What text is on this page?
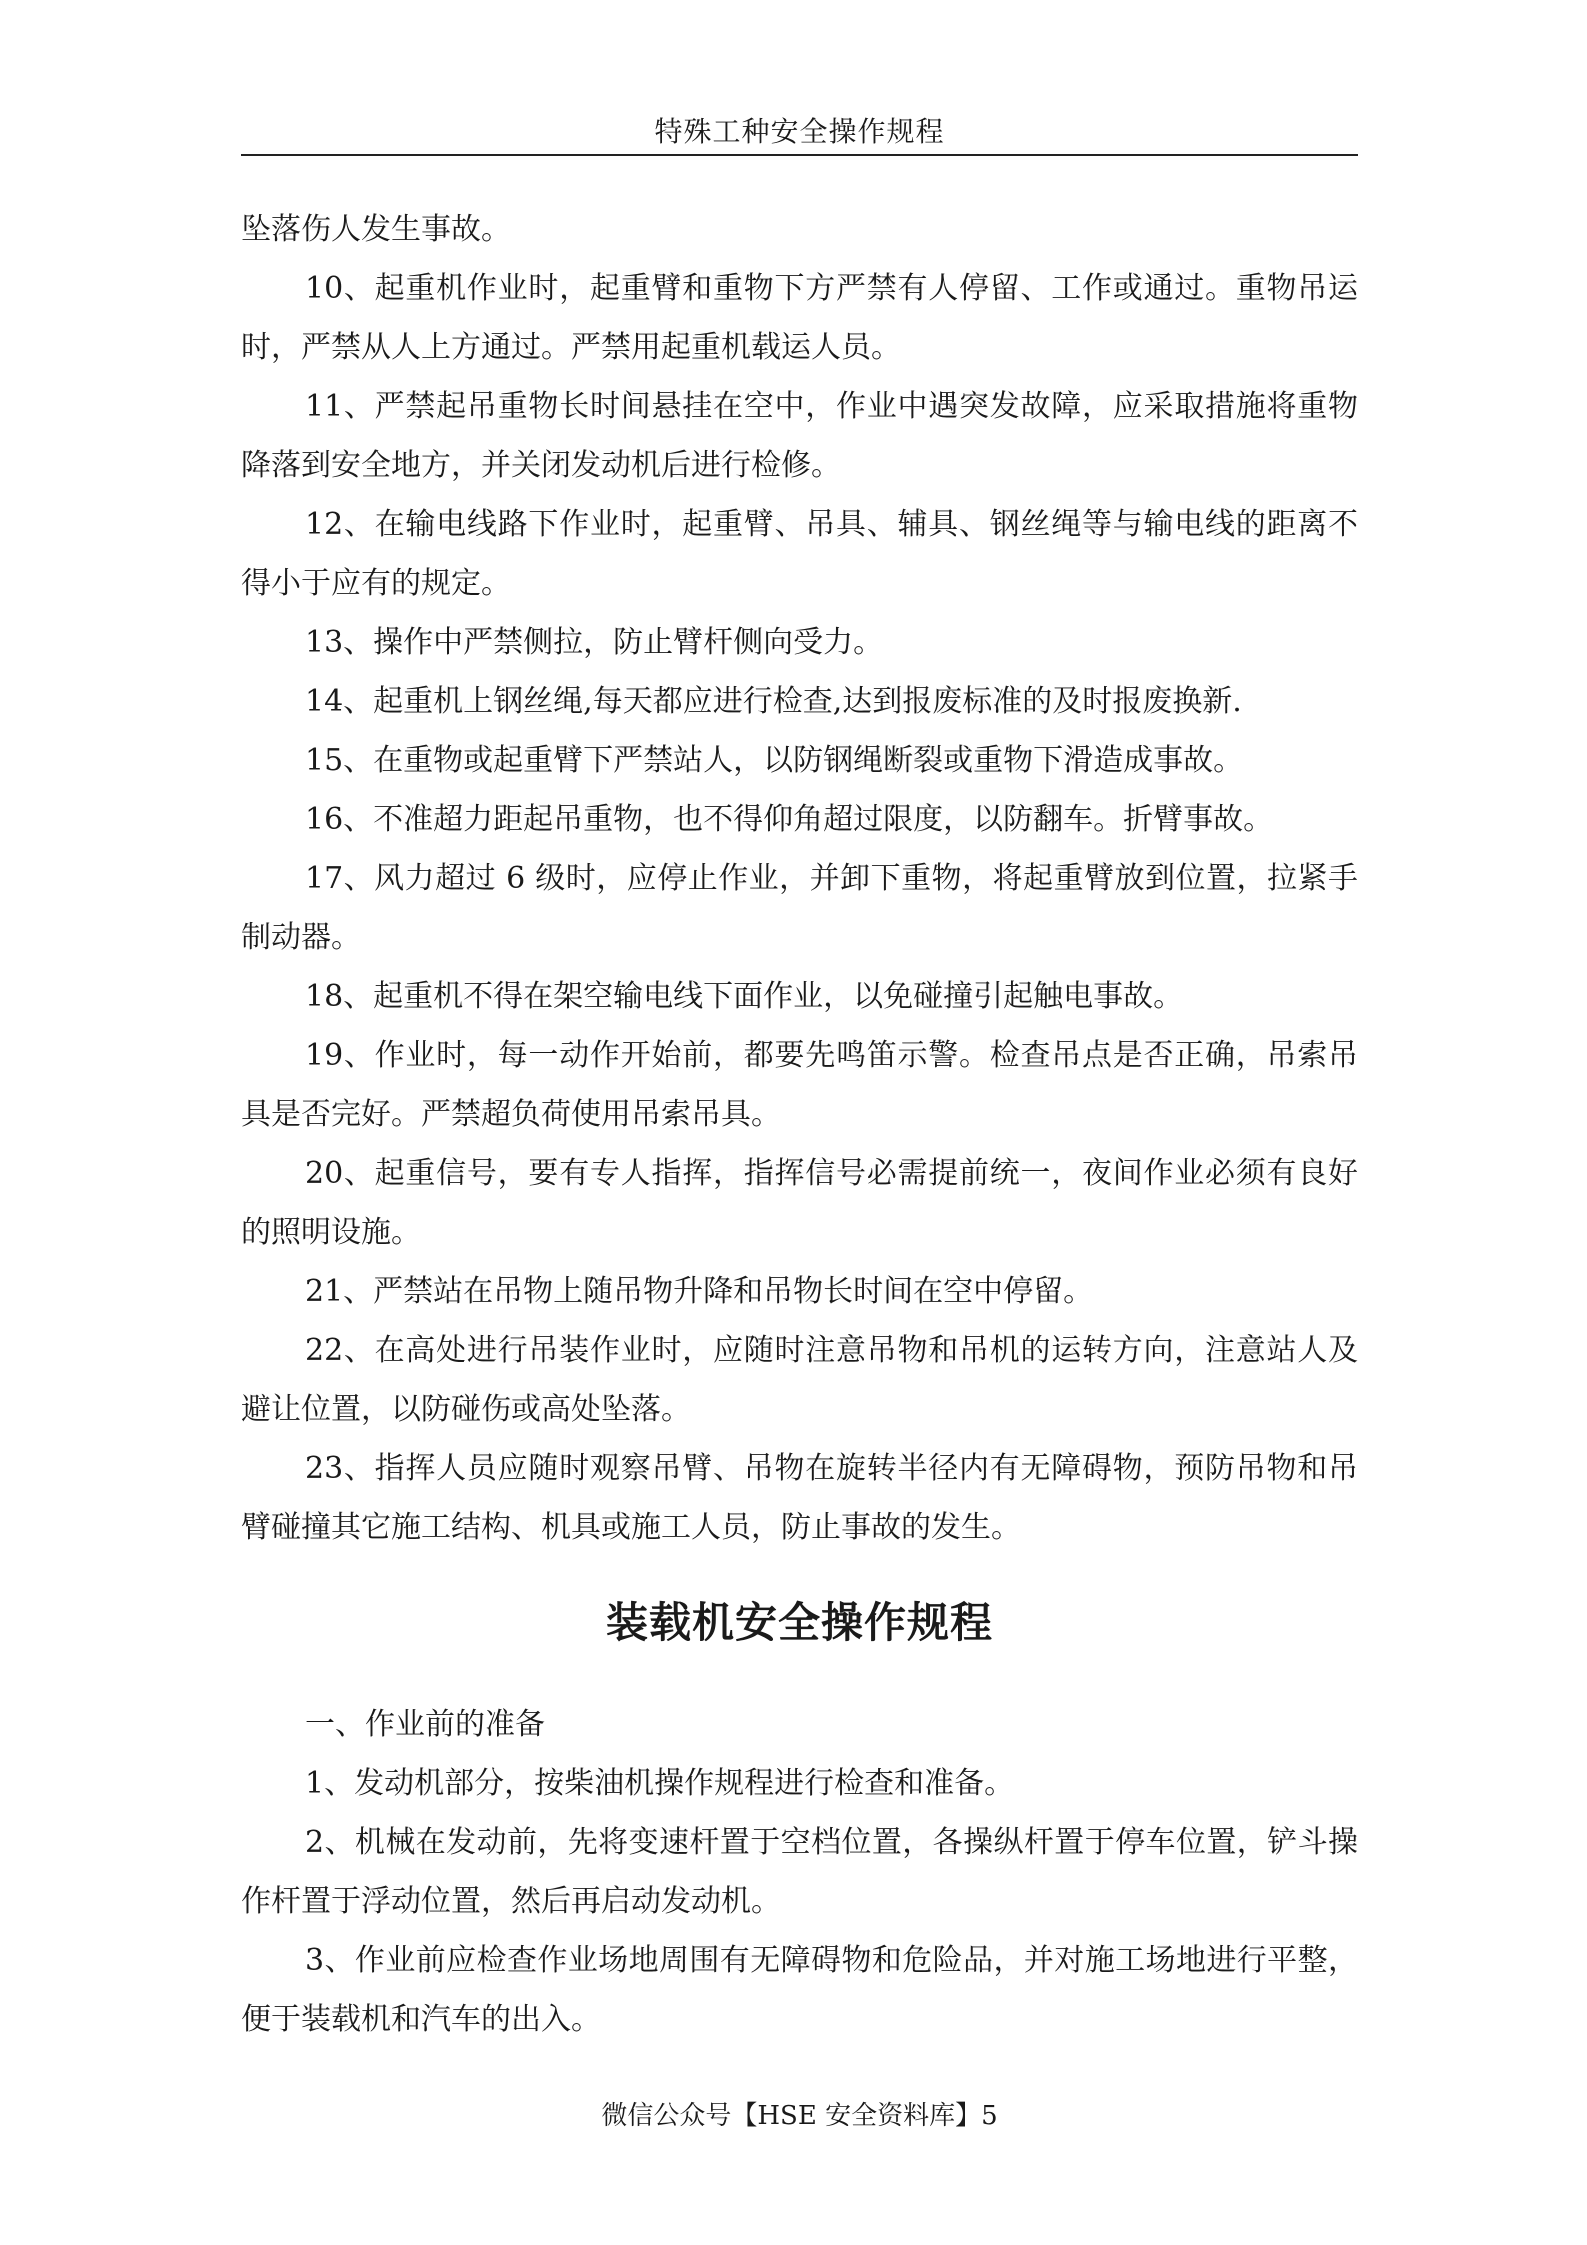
特殊工种安全操作规程

坠落伤人发生事故。

10、起重机作业时，起重臂和重物下方严禁有人停留、工作或通过。重物吊运时，严禁从人上方通过。严禁用起重机载运人员。

11、严禁起吊重物长时间悬挂在空中，作业中遇突发故障，应采取措施将重物降落到安全地方，并关闭发动机后进行检修。

12、在输电线路下作业时，起重臂、吊具、辅具、钢丝绳等与输电线的距离不得小于应有的规定。

13、操作中严禁侧拉，防止臂杆侧向受力。

14、起重机上钢丝绳,每天都应进行检查,达到报废标准的及时报废换新.

15、在重物或起重臂下严禁站人，以防钢绳断裂或重物下滑造成事故。

16、不准超力距起吊重物，也不得仰角超过限度，以防翻车。折臂事故。

17、风力超过 6 级时，应停止作业，并卸下重物，将起重臂放到位置，拉紧手制动器。

18、起重机不得在架空输电线下面作业，以免碰撞引起触电事故。

19、作业时，每一动作开始前，都要先鸣笛示警。检查吊点是否正确，吊索吊具是否完好。严禁超负荷使用吊索吊具。

20、起重信号，要有专人指挥，指挥信号必需提前统一，夜间作业必须有良好的照明设施。

21、严禁站在吊物上随吊物升降和吊物长时间在空中停留。

22、在高处进行吊装作业时，应随时注意吊物和吊机的运转方向，注意站人及避让位置，以防碰伤或高处坠落。

23、指挥人员应随时观察吊臂、吊物在旋转半径内有无障碍物，预防吊物和吊臂碰撞其它施工结构、机具或施工人员，防止事故的发生。

装载机安全操作规程

一、作业前的准备

1、发动机部分，按柴油机操作规程进行检查和准备。

2、机械在发动前，先将变速杆置于空档位置，各操纵杆置于停车位置，铲斗操作杆置于浮动位置，然后再启动发动机。

3、作业前应检查作业场地周围有无障碍物和危险品，并对施工场地进行平整，便于装载机和汽车的出入。

微信公众号【HSE 安全资料库】5
